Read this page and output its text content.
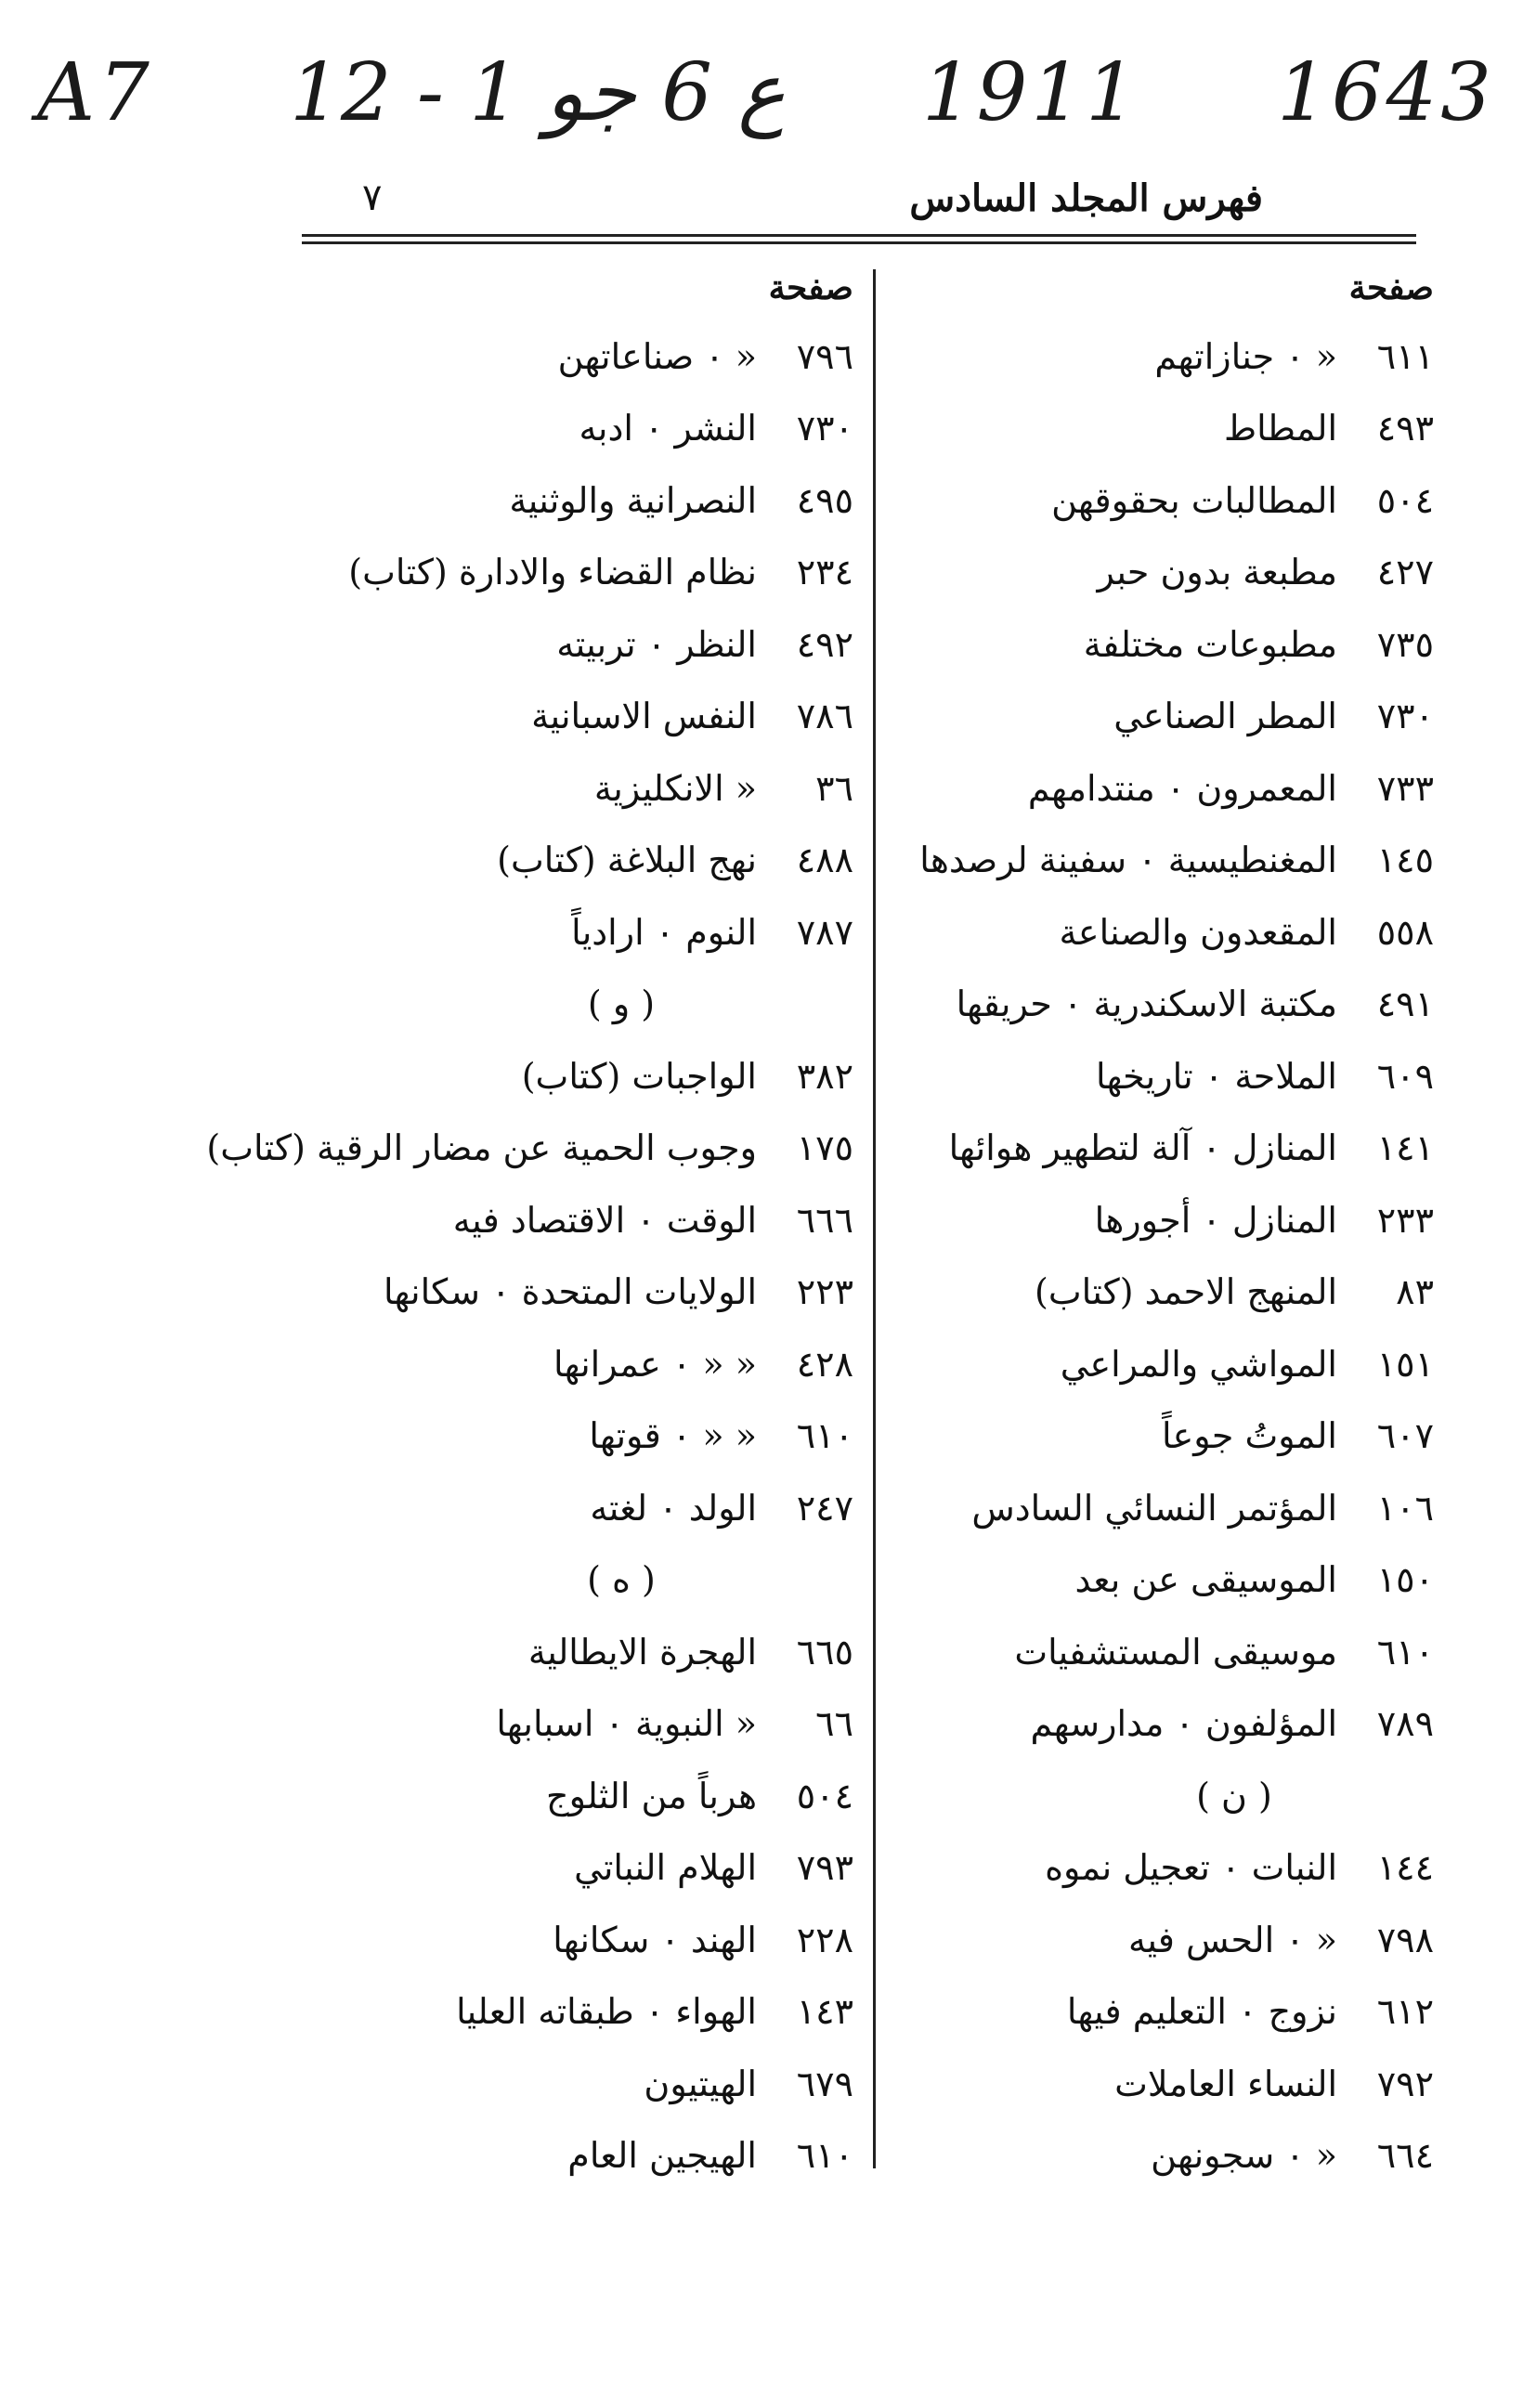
A7 12 - 1 ع 6 جو 1911 1643
فهرس المجلد السادس
٧
صفحة
٦١١
« ٠ جنازاتهم
٤٩٣
المطاط
٥٠٤
المطالبات بحقوقهن
٤٢٧
مطبعة بدون حبر
٧٣٥
مطبوعات مختلفة
٧٣٠
المطر الصناعي
٧٣٣
المعمرون ٠ منتدامهم
١٤٥
المغنطيسية ٠ سفينة لرصدها
٥٥٨
المقعدون والصناعة
٤٩١
مكتبة الاسكندرية ٠ حريقها
٦٠٩
الملاحة ٠ تاريخها
١٤١
المنازل ٠ آلة لتطهير هوائها
٢٣٣
المنازل ٠ أجورها
٨٣
المنهج الاحمد (كتاب)
١٥١
المواشي والمراعي
٦٠٧
الموتُ جوعاً
١٠٦
المؤتمر النسائي السادس
١٥٠
الموسيقى عن بعد
٦١٠
موسيقى المستشفيات
٧٨٩
المؤلفون ٠ مدارسهم
( ن )
١٤٤
النبات ٠ تعجيل نموه
٧٩٨
« ٠ الحس فيه
٦١٢
نزوج ٠ التعليم فيها
٧٩٢
النساء العاملات
٦٦٤
« ٠ سجونهن
صفحة
٧٩٦
« ٠ صناعاتهن
٧٣٠
النشر ٠ ادبه
٤٩٥
النصرانية والوثنية
٢٣٤
نظام القضاء والادارة (كتاب)
٤٩٢
النظر ٠ تربيته
٧٨٦
النفس الاسبانية
٣٦
« الانكليزية
٤٨٨
نهج البلاغة (كتاب)
٧٨٧
النوم ٠ ارادياً
( و )
٣٨٢
الواجبات (كتاب)
١٧٥
وجوب الحمية عن مضار الرقية (كتاب)
٦٦٦
الوقت ٠ الاقتصاد فيه
٢٢٣
الولايات المتحدة ٠ سكانها
٤٢٨
« « ٠ عمرانها
٦١٠
« « ٠ قوتها
٢٤٧
الولد ٠ لغته
( ه )
٦٦٥
الهجرة الايطالية
٦٦
« النبوية ٠ اسبابها
٥٠٤
هرباً من الثلوج
٧٩٣
الهلام النباتي
٢٢٨
الهند ٠ سكانها
١٤٣
الهواء ٠ طبقاته العليا
٦٧٩
الهيتيون
٦١٠
الهيجين العام
